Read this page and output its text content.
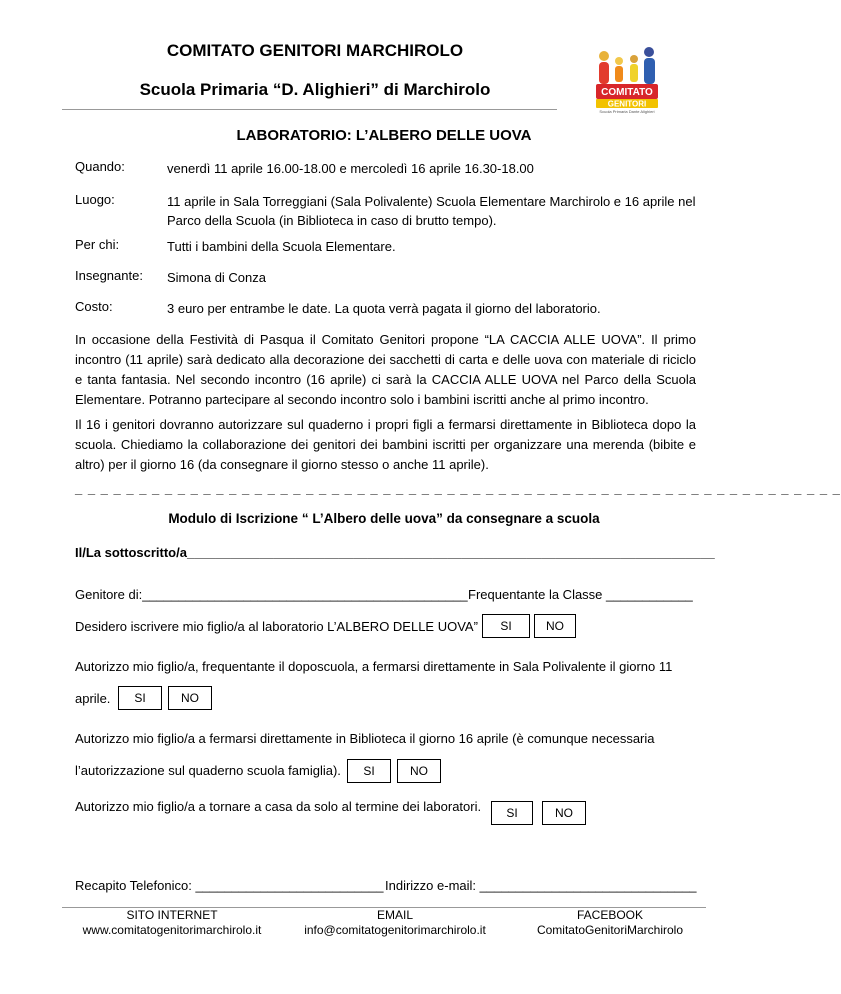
COMITATO GENITORI MARCHIROLO
Scuola Primaria “D. Alighieri” di Marchirolo	COMITATO
GENITORI
Scuola Primaria Dante Alighieri
LABORATORIO: L’ALBERO DELLE UOVA
Quando:	venerdì 11 aprile 16.00-18.00 e mercoledì 16 aprile 16.30-18.00
Luogo:	11 aprile in Sala Torreggiani (Sala Polivalente) Scuola Elementare Marchirolo e 16 aprile nel Parco della Scuola (in Biblioteca in caso di brutto tempo).
Per chi:	Tutti i bambini della Scuola Elementare.
Insegnante: Simona di Conza
Costo:	3 euro per entrambe le date. La quota verrà pagata il giorno del laboratorio.
In occasione della Festività di Pasqua il Comitato Genitori propone “LA CACCIA ALLE UOVA”. Il primo incontro (11 aprile) sarà dedicato alla decorazione dei sacchetti di carta e delle uova con materiale di riciclo e tanta fantasia. Nel secondo incontro (16 aprile) ci sarà la CACCIA ALLE UOVA nel Parco della Scuola Elementare. Potranno partecipare al secondo incontro solo i bambini iscritti anche al primo incontro.
Il 16 i genitori dovranno autorizzare sul quaderno i propri figli a fermarsi direttamente in Biblioteca dopo la scuola. Chiediamo la collaborazione dei genitori dei bambini iscritti per organizzare una merenda (bibite e altro) per il giorno 16 (da consegnare il giorno stesso o anche 11 aprile).
_ _ _ _ _ _ _ _ _ _ _ _ _ _ _ _ _ _ _ _ _ _ _ _ _ _ _ _ _ _ _ _ _ _ _ _ _ _ _ _ _ _ _ _ _ _ _ _ _ _ _ _ _ _ _ _ _ _ _ _
Modulo di Iscrizione “ L’Albero delle uova” da consegnare a scuola
Il/La sottoscritto/a_________________________________________________________________________
Genitore di:_____________________________________________ Frequentante la Classe ____________
Desidero iscrivere mio figlio/a al laboratorio L’ALBERO DELLE UOVA”	SI	NO
Autorizzo mio figlio/a, frequentante il doposcuola, a fermarsi direttamente in Sala Polivalente il giorno 11
aprile.	SI	NO
Autorizzo mio figlio/a a fermarsi direttamente in Biblioteca il giorno 16 aprile (è comunque necessaria
l’autorizzazione sul quaderno scuola famiglia).	SI	NO
Autorizzo mio figlio/a a tornare a casa da solo al termine dei laboratori.	SI	NO
Recapito Telefonico: __________________________ Indirizzo e-mail: ______________________________
SITO INTERNET
www.comitatogenitorimarchirolo.it
EMAIL
info@comitatogenitorimarchirolo.it
FACEBOOK
ComitatoGenitoriMarchirolo
